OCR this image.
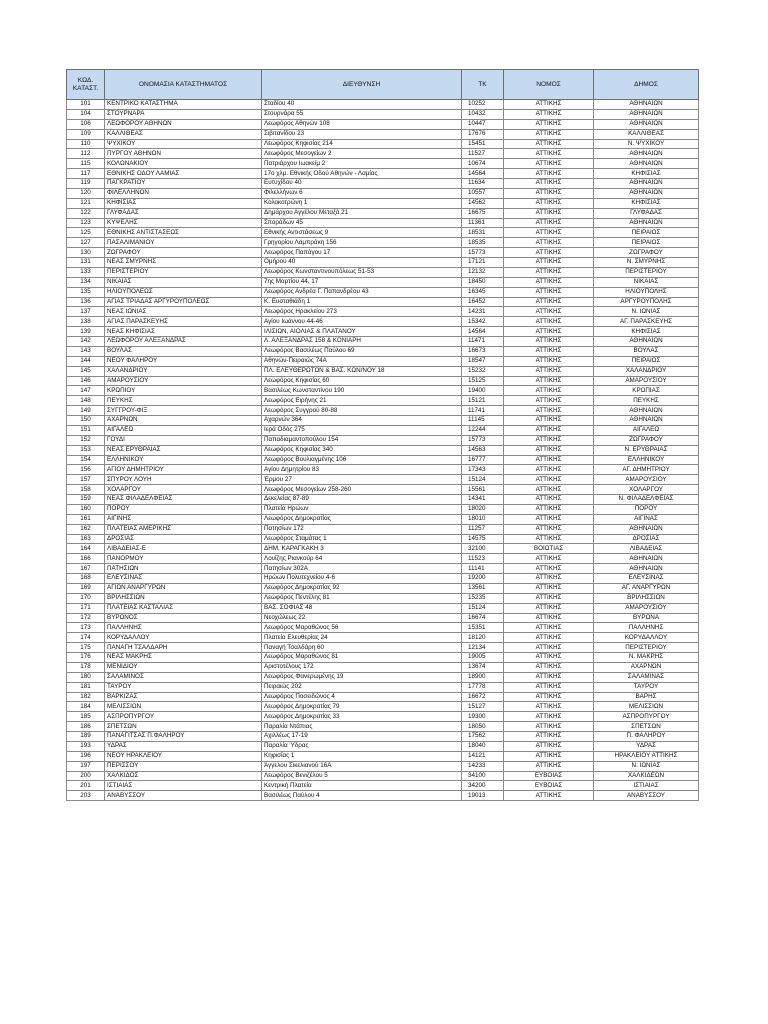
ΚΩΔ. ΚΑΤΑΣΤ.	ΟΝΟΜΑΣΙΑ ΚΑΤΑΣΤΗΜΑΤΟΣ	ΔΙΕΥΘΥΝΣΗ	ΤΚ	ΝΟΜΟΣ	ΔΗΜΟΣ
101	ΚΕΝΤΡΙΚΟ ΚΑΤΑΣΤΗΜΑ	Σταδίου 40	10252	ΑΤΤΙΚΗΣ	ΑΘΗΝΑΙΩΝ
104	ΣΤΟΥΡΝΑΡΑ	Στουρνάρα 55	10432	ΑΤΤΙΚΗΣ	ΑΘΗΝΑΙΩΝ
106	ΛΕΩΦΟΡΟΥ ΑΘΗΝΩΝ	Λεωφόρος Αθηνών 108	10447	ΑΤΤΙΚΗΣ	ΑΘΗΝΑΙΩΝ
109	ΚΑΛΛΙΘΕΑΣ	Σιβιτανίδου 23	17676	ΑΤΤΙΚΗΣ	ΚΑΛΛΙΘΕΑΣ
110	ΨΥΧΙΚΟΥ	Λεωφόρος Κηφισίας 214	15451	ΑΤΤΙΚΗΣ	Ν. ΨΥΧΙΚΟΥ
112	ΠΥΡΓΟΥ ΑΘΗΝΩΝ	Λεωφόρος Μεσογείων 2	11527	ΑΤΤΙΚΗΣ	ΑΘΗΝΑΙΩΝ
115	ΚΟΛΩΝΑΚΙΟΥ	Πατριάρχου Ιωακείμ 2	10674	ΑΤΤΙΚΗΣ	ΑΘΗΝΑΙΩΝ
117	ΕΘΝΙΚΗΣ ΟΔΟΥ ΛΑΜΙΑΣ	17ο χλμ. Εθνικής Οδού Αθηνών - Λαμίας	14564	ΑΤΤΙΚΗΣ	ΚΗΦΙΣΙΑΣ
119	ΠΑΓΚΡΑΤΙΟΥ	Ευτυχίδου 40	11634	ΑΤΤΙΚΗΣ	ΑΘΗΝΑΙΩΝ
120	ΦΙΛΕΛΛΗΝΩΝ	Φιλελλήνων 6	10557	ΑΤΤΙΚΗΣ	ΑΘΗΝΑΙΩΝ
121	ΚΗΦΙΣΙΑΣ	Κολοκοτρώνη 1	14562	ΑΤΤΙΚΗΣ	ΚΗΦΙΣΙΑΣ
122	ΓΛΥΦΑΔΑΣ	Δημάρχου Αγγέλου Μεταξά 21	16675	ΑΤΤΙΚΗΣ	ΓΛΥΦΑΔΑΣ
123	ΚΥΨΕΛΗΣ	Σποράδων 45	11361	ΑΤΤΙΚΗΣ	ΑΘΗΝΑΙΩΝ
125	ΕΘΝΙΚΗΣ ΑΝΤΙΣΤΑΣΕΩΣ	Εθνικής Αντιστάσεως 9	18531	ΑΤΤΙΚΗΣ	ΠΕΙΡΑΙΩΣ
127	ΠΑΣΑΛΙΜΑΝΙΟΥ	Γρηγορίου Λαμπράκη 156	18535	ΑΤΤΙΚΗΣ	ΠΕΙΡΑΙΩΣ
130	ΖΩΓΡΑΦΟΥ	Λεωφόρος Παπάγου 17	15773	ΑΤΤΙΚΗΣ	ΖΩΓΡΑΦΟΥ
131	ΝΕΑΣ ΣΜΥΡΝΗΣ	Ομήρου 40	17121	ΑΤΤΙΚΗΣ	Ν. ΣΜΥΡΝΗΣ
133	ΠΕΡΙΣΤΕΡΙΟΥ	Λεωφόρος Κωνσταντινουπόλεως 51-53	12132	ΑΤΤΙΚΗΣ	ΠΕΡΙΣΤΕΡΙΟΥ
134	ΝΙΚΑΙΑΣ	7ης Μαρτίου 44, 17	18450	ΑΤΤΙΚΗΣ	ΝΙΚΑΙΑΣ
135	ΗΛΙΟΥΠΟΛΕΩΣ	Λεωφόρος Ανδρέα Γ. Παπανδρέου 43	16345	ΑΤΤΙΚΗΣ	ΗΛΙΟΥΠΟΛΗΣ
136	ΑΓΙΑΣ ΤΡΙΑΔΑΣ ΑΡΓΥΡΟΥΠΟΛΕΩΣ	Κ. Ευσταθιάδη 1	16452	ΑΤΤΙΚΗΣ	ΑΡΓΥΡΟΥΠΟΛΗΣ
137	ΝΕΑΣ ΙΩΝΙΑΣ	Λεωφόρος Ηρακλείου 273	14231	ΑΤΤΙΚΗΣ	Ν. ΙΩΝΙΑΣ
138	ΑΓΙΑΣ ΠΑΡΑΣΚΕΥΗΣ	Αγίου Ιωάννου 44-46	15342	ΑΤΤΙΚΗΣ	ΑΓ. ΠΑΡΑΣΚΕΥΗΣ
139	ΝΕΑΣ ΚΗΦΙΣΙΑΣ	ΙΛΙΣΙΩΝ, ΑΙΟΛΙΑΣ & ΠΛΑΤΑΝΟΥ	14564	ΑΤΤΙΚΗΣ	ΚΗΦΙΣΙΑΣ
142	ΛΕΩΦΟΡΟΥ ΑΛΕΞΑΝΔΡΑΣ	Λ. ΑΛΕΞΑΝΔΡΑΣ 158 & ΚΟΝΙΑΡΗ	11471	ΑΤΤΙΚΗΣ	ΑΘΗΝΑΙΩΝ
143	ΒΟΥΛΑΣ	Λεωφόρος Βασιλέως Παύλου 69	16673	ΑΤΤΙΚΗΣ	ΒΟΥΛΑΣ
144	ΝΕΟΥ ΦΑΛΗΡΟΥ	Αθηνών-Πειραιώς 74Α	18547	ΑΤΤΙΚΗΣ	ΠΕΙΡΑΙΩΣ
145	ΧΑΛΑΝΔΡΙΟΥ	ΠΛ. ΕΛΕΥΘΕΡΩΤΩΝ & ΒΑΣ. ΚΩΝ/ΝΟΥ 18	15232	ΑΤΤΙΚΗΣ	ΧΑΛΑΝΔΡΙΟΥ
146	ΑΜΑΡΟΥΣΙΟΥ	Λεωφόρος Κηφισίας 60	15125	ΑΤΤΙΚΗΣ	ΑΜΑΡΟΥΣΙΟΥ
147	ΚΡΩΠΙΟΥ	Βασιλέως Κωνσταντίνου 190	19400	ΑΤΤΙΚΗΣ	ΚΡΩΠΙΑΣ
148	ΠΕΥΚΗΣ	Λεωφόρος Ειρήνης 21	15121	ΑΤΤΙΚΗΣ	ΠΕΥΚΗΣ
149	ΣΥΓΓΡΟΥ-ΦΙΞ	Λεωφόρος Συγγρού 80-88	11741	ΑΤΤΙΚΗΣ	ΑΘΗΝΑΙΩΝ
150	ΑΧΑΡΝΩΝ	Αχαρνών 364	11145	ΑΤΤΙΚΗΣ	ΑΘΗΝΑΙΩΝ
151	ΑΙΓΑΛΕΩ	Ιερά Οδός 275	12244	ΑΤΤΙΚΗΣ	ΑΙΓΑΛΕΩ
152	ΓΟΥΔΙ	Παπαδιαμαντοπούλου 154	15773	ΑΤΤΙΚΗΣ	ΖΩΓΡΑΦΟΥ
153	ΝΕΑΣ ΕΡΥΘΡΑΙΑΣ	Λεωφόρος Κηφισίας 340	14563	ΑΤΤΙΚΗΣ	Ν. ΕΡΥΘΡΑΙΑΣ
154	ΕΛΛΗΝΙΚΟΥ	Λεωφόρος Βουλιαγμένης 106	16777	ΑΤΤΙΚΗΣ	ΕΛΛΗΝΙΚΟΥ
156	ΑΓΙΟΥ ΔΗΜΗΤΡΙΟΥ	Αγίου Δημητρίου 83	17343	ΑΤΤΙΚΗΣ	ΑΓ. ΔΗΜΗΤΡΙΟΥ
157	ΣΠΥΡΟΥ ΛΟΥΗ	Έρμου 27	15124	ΑΤΤΙΚΗΣ	ΑΜΑΡΟΥΣΙΟΥ
158	ΧΟΛΑΡΓΟΥ	Λεωφόρος Μεσογείων 258-260	15561	ΑΤΤΙΚΗΣ	ΧΟΛΑΡΓΟΥ
159	ΝΕΑΣ ΦΙΛΑΔΕΛΦΕΙΑΣ	Δεκελείας 87-89	14341	ΑΤΤΙΚΗΣ	Ν. ΦΙΛΑΔΕΛΦΕΙΑΣ
160	ΠΟΡΟΥ	Πλατεία Ηρώων	18020	ΑΤΤΙΚΗΣ	ΠΟΡΟΥ
161	ΑΙΓΙΝΗΣ	Λεωφόρος Δημοκρατίας	18010	ΑΤΤΙΚΗΣ	ΑΙΓΙΝΑΣ
162	ΠΛΑΤΕΙΑΣ ΑΜΕΡΙΚΗΣ	Πατησίων 172	11257	ΑΤΤΙΚΗΣ	ΑΘΗΝΑΙΩΝ
163	ΔΡΟΣΙΑΣ	Λεωφόρος Σταμάτας 1	14575	ΑΤΤΙΚΗΣ	ΔΡΟΣΙΑΣ
164	ΛΙΒΑΔΕΙΑΣ-Ε	ΔΗΜ. ΚΑΡΑΓΚΑΚΗ 3	32100	ΒΟΙΩΤΙΑΣ	ΛΙΒΑΔΕΙΑΣ
166	ΠΑΝΟΡΜΟΥ	Λουΐζης Ριανκούρ 64	11523	ΑΤΤΙΚΗΣ	ΑΘΗΝΑΙΩΝ
167	ΠΑΤΗΣΙΩΝ	Πατησίων 302Α	11141	ΑΤΤΙΚΗΣ	ΑΘΗΝΑΙΩΝ
168	ΕΛΕΥΣΙΝΑΣ	Ηρώων Πολυτεχνείου 4-6	19200	ΑΤΤΙΚΗΣ	ΕΛΕΥΣΙΝΑΣ
169	ΑΓΙΩΝ ΑΝΑΡΓΥΡΩΝ	Λεωφόρος Δημοκρατίας 92	13561	ΑΤΤΙΚΗΣ	ΑΓ. ΑΝΑΡΓΥΡΩΝ
170	ΒΡΙΛΗΣΣΙΩΝ	Λεωφόρος Πεντέλης 81	15235	ΑΤΤΙΚΗΣ	ΒΡΙΛΗΣΣΙΩΝ
171	ΠΛΑΤΕΙΑΣ ΚΑΣΤΑΛΙΑΣ	ΒΑΣ. ΣΟΦΙΑΣ 48	15124	ΑΤΤΙΚΗΣ	ΑΜΑΡΟΥΣΙΟΥ
172	ΒΥΡΩΝΟΣ	Νεοχώλεως 22	16674	ΑΤΤΙΚΗΣ	ΒΥΡΩΝΑ
173	ΠΑΛΛΗΝΗΣ	Λεωφόρος Μαραθώνος 56	15351	ΑΤΤΙΚΗΣ	ΠΑΛΛΗΝΗΣ
174	ΚΟΡΥΔΑΛΛΟΥ	Πλατεία Ελευθερίας 24	18120	ΑΤΤΙΚΗΣ	ΚΟΡΥΔΑΛΛΟΥ
175	ΠΑΝΑΓΗ ΤΣΑΛΔΑΡΗ	Παναγή Τσαλδάρη 60	12134	ΑΤΤΙΚΗΣ	ΠΕΡΙΣΤΕΡΙΟΥ
176	ΝΕΑΣ ΜΑΚΡΗΣ	Λεωφόρος Μαραθώνος 81	19005	ΑΤΤΙΚΗΣ	Ν. ΜΑΚΡΗΣ
178	ΜΕΝΙΔΙΟΥ	Αριστοτέλους 172	13674	ΑΤΤΙΚΗΣ	ΑΧΑΡΝΩΝ
180	ΣΑΛΑΜΙΝΟΣ	Λεωφόρος Φανερωμένης 19	18900	ΑΤΤΙΚΗΣ	ΣΑΛΑΜΙΝΑΣ
181	ΤΑΥΡΟΥ	Πειραιώς 202	17778	ΑΤΤΙΚΗΣ	ΤΑΥΡΟΥ
182	ΒΑΡΚΙΖΑΣ	Λεωφόρος Ποσειδώνος 4	16672	ΑΤΤΙΚΗΣ	ΒΑΡΗΣ
184	ΜΕΛΙΣΣΙΩΝ	Λεωφόρος Δημοκρατίας 79	15127	ΑΤΤΙΚΗΣ	ΜΕΛΙΣΣΙΩΝ
185	ΑΣΠΡΟΠΥΡΓΟΥ	Λεωφόρος Δημοκρατίας 33	19300	ΑΤΤΙΚΗΣ	ΑΣΠΡΟΠΥΡΓΟΥ
186	ΣΠΕΤΣΩΝ	Παραλία Ντάπιας	18050	ΑΤΤΙΚΗΣ	ΣΠΕΤΣΩΝ
189	ΠΑΝΑΓΙΤΣΑΣ Π.ΦΑΛΗΡΟΥ	Αχιλλέως 17-19	17562	ΑΤΤΙΚΗΣ	Π. ΦΑΛΗΡΟΥ
193	ΥΔΡΑΣ	Παραλία Ύδρας	18040	ΑΤΤΙΚΗΣ	ΥΔΡΑΣ
196	ΝΕΟΥ ΗΡΑΚΛΕΙΟΥ	Κηφισίας 1	14121	ΑΤΤΙΚΗΣ	ΗΡΑΚΛΕΙΟΥ ΑΤΤΙΚΗΣ
197	ΠΕΡΙΣΣΟΥ	Άγγελου Σικελιανού 16Α	14233	ΑΤΤΙΚΗΣ	Ν. ΙΩΝΙΑΣ
200	ΧΑΛΚΙΔΟΣ	Λεωφόρος Βενιζέλου 5	34100	ΕΥΒΟΙΑΣ	ΧΑΛΚΙΔΕΩΝ
201	ΙΣΤΙΑΙΑΣ	Κεντρική Πλατεία	34200	ΕΥΒΟΙΑΣ	ΙΣΤΙΑΙΑΣ
203	ΑΝΑΒΥΣΣΟΥ	Βασιλέως Παύλου 4	19013	ΑΤΤΙΚΗΣ	ΑΝΑΒΥΣΣΟΥ
